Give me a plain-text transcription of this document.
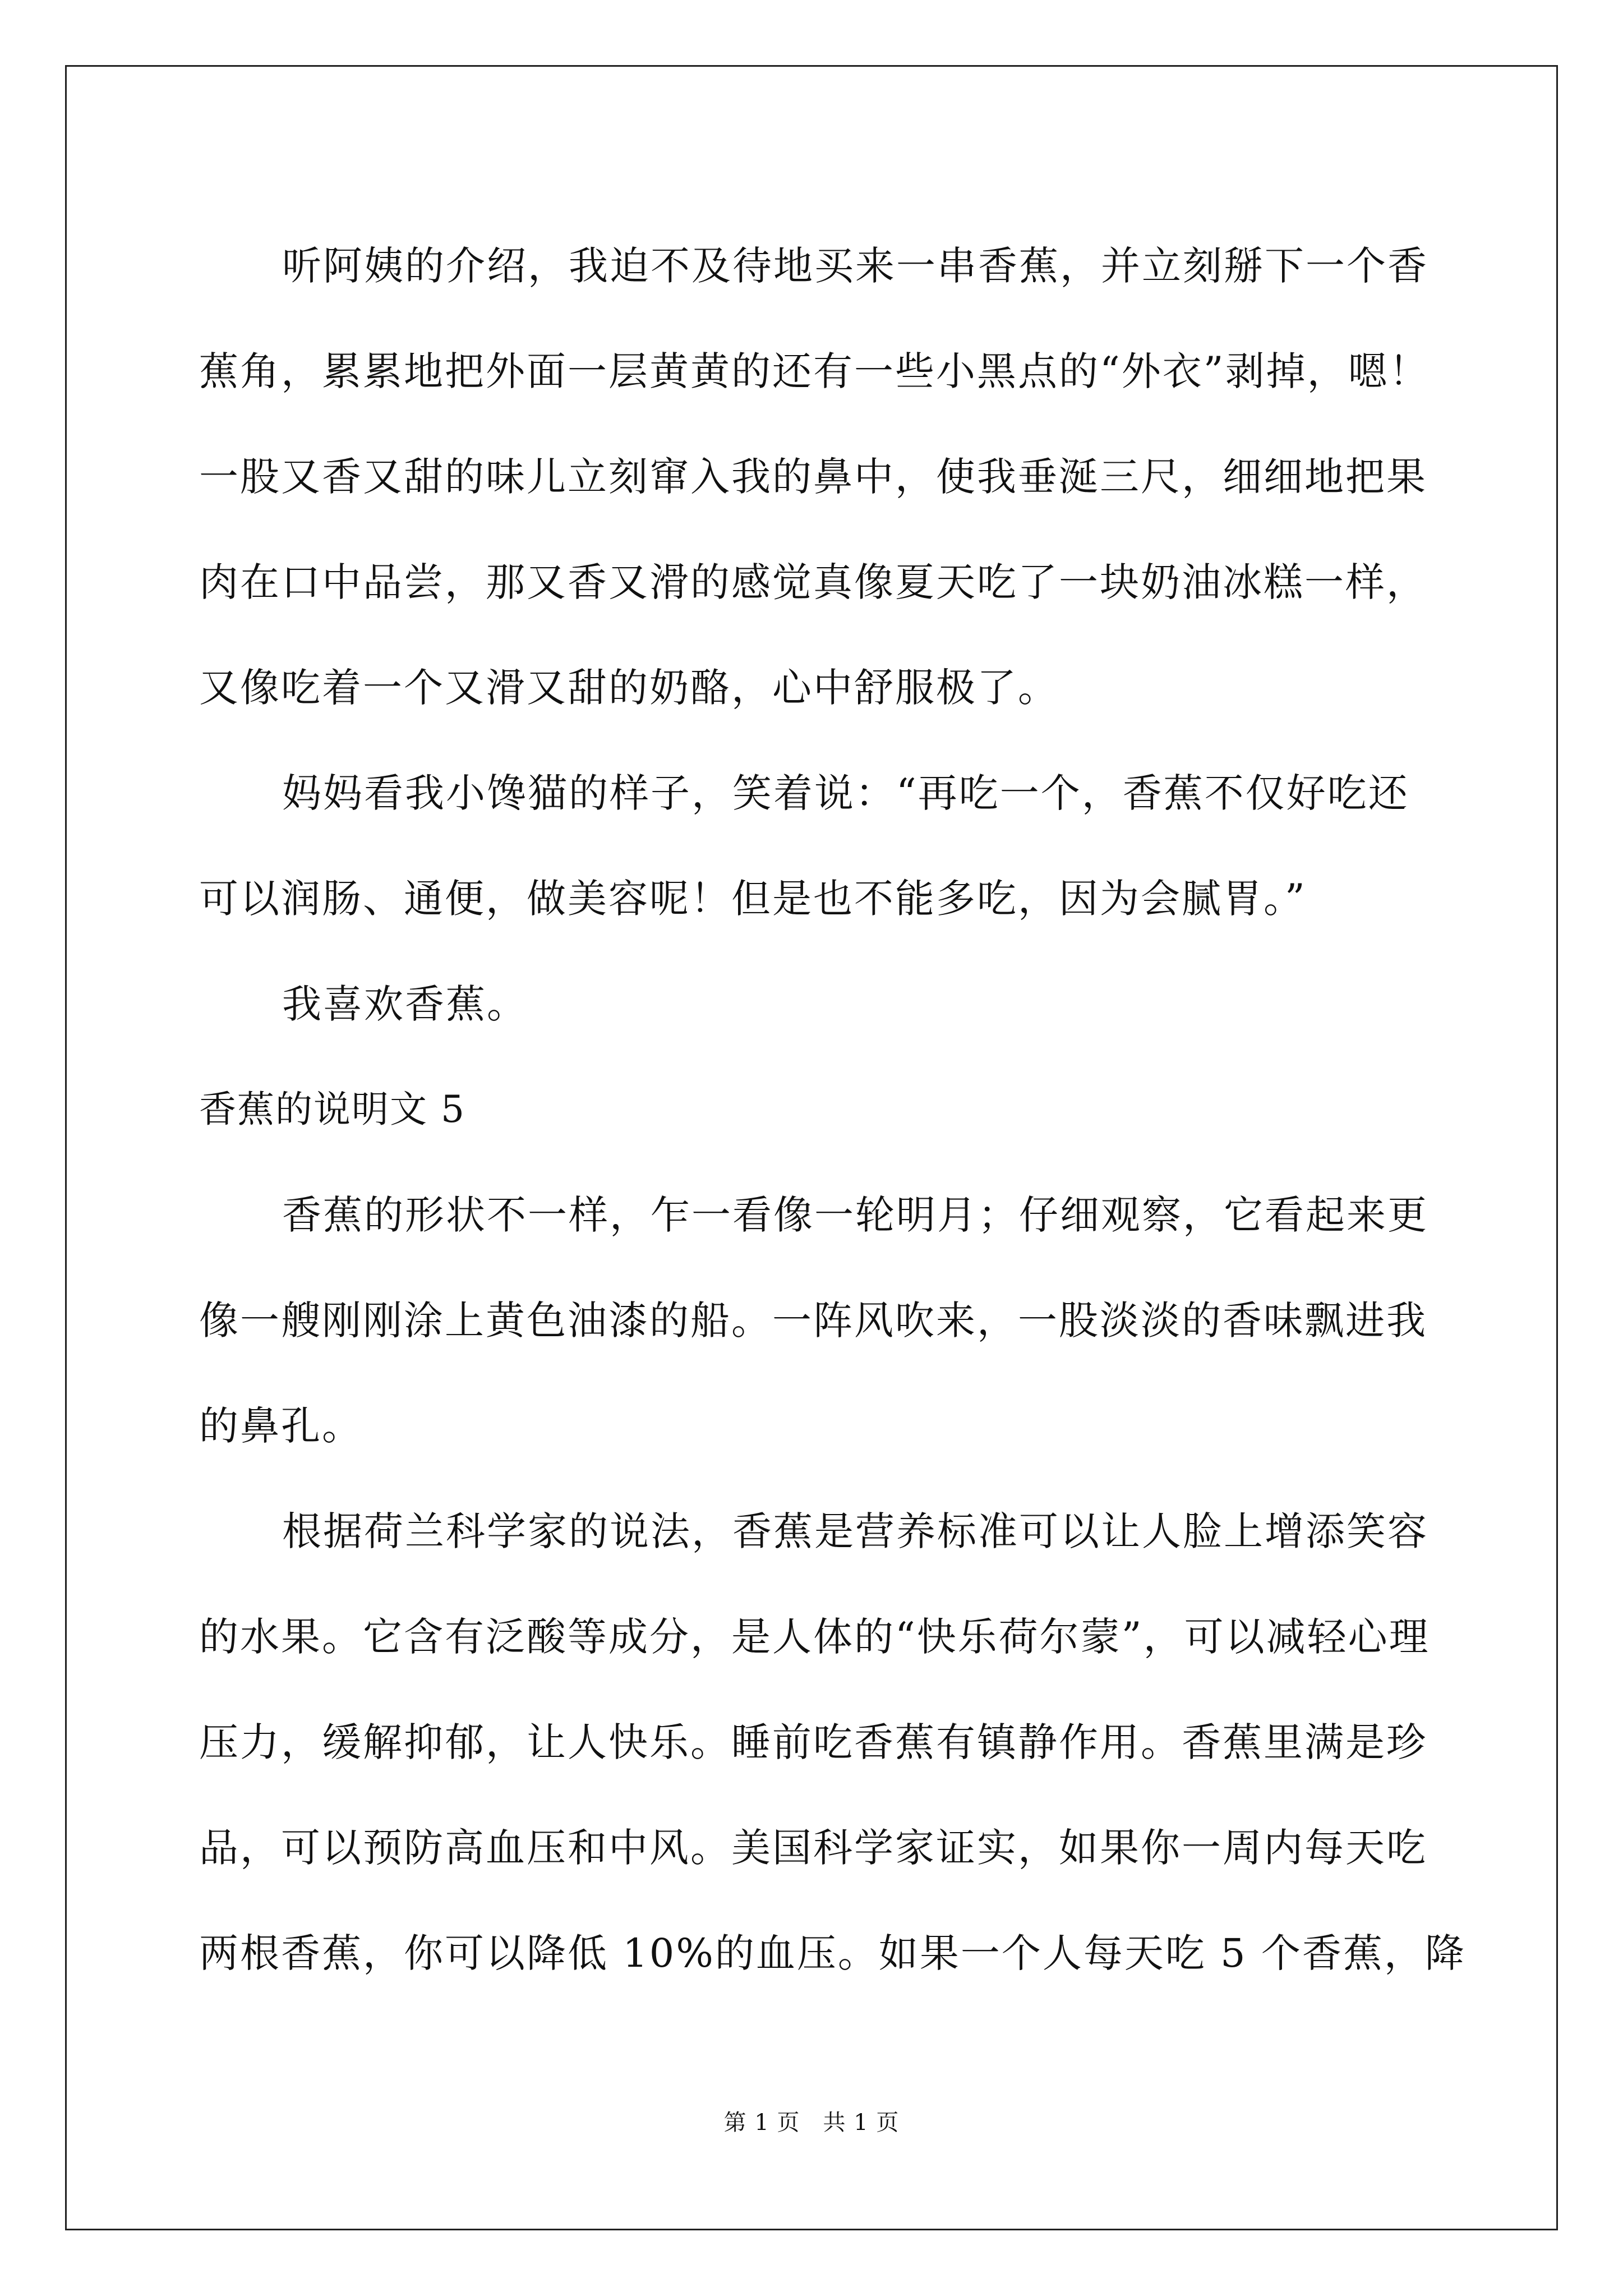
听阿姨的介绍，我迫不及待地买来一串香蕉，并立刻掰下一个香
蕉角，累累地把外面一层黄黄的还有一些小黑点的“外衣”剥掉，嗯！
一股又香又甜的味儿立刻窜入我的鼻中，使我垂涎三尺，细细地把果
肉在口中品尝，那又香又滑的感觉真像夏天吃了一块奶油冰糕一样，
又像吃着一个又滑又甜的奶酪，心中舒服极了。
妈妈看我小馋猫的样子，笑着说：“再吃一个，香蕉不仅好吃还
可以润肠、通便，做美容呢！但是也不能多吃，因为会腻胃。”
我喜欢香蕉。
香蕉的说明文 5
香蕉的形状不一样，乍一看像一轮明月；仔细观察，它看起来更
像一艘刚刚涂上黄色油漆的船。一阵风吹来，一股淡淡的香味飘进我
的鼻孔。
根据荷兰科学家的说法，香蕉是营养标准可以让人脸上增添笑容
的水果。它含有泛酸等成分，是人体的“快乐荷尔蒙”，可以减轻心理
压力，缓解抑郁，让人快乐。睡前吃香蕉有镇静作用。香蕉里满是珍
品，可以预防高血压和中风。美国科学家证实，如果你一周内每天吃
两根香蕉，你可以降低 10%的血压。如果一个人每天吃 5 个香蕉，降
第 1 页　共 1 页
